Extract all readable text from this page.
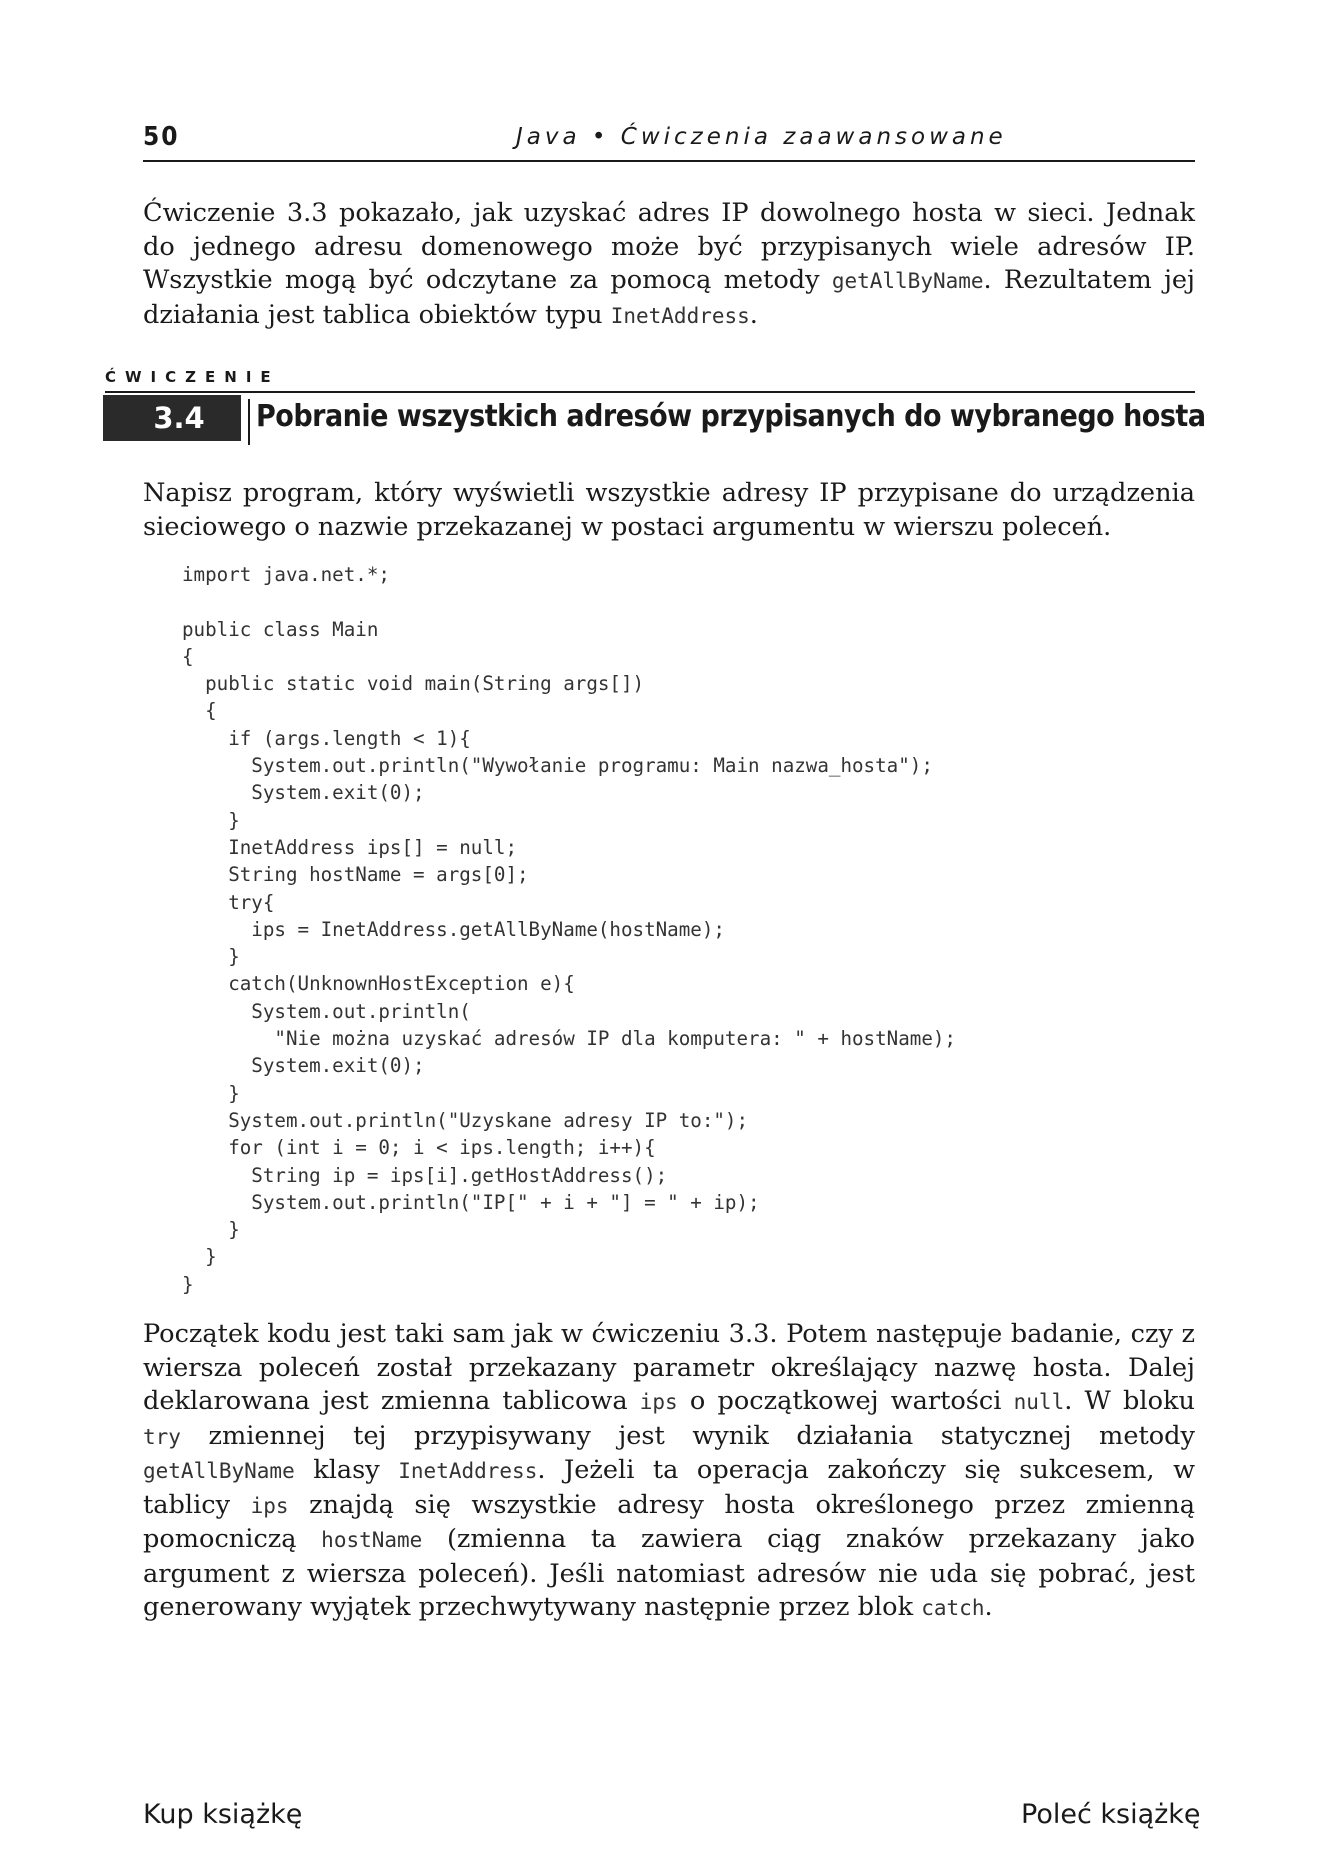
50	Java • Ćwiczenia zaawansowane

Ćwiczenie 3.3 pokazało, jak uzyskać adres IP dowolnego hosta w sieci. Jednak do jednego adresu domenowego może być przypisanych wiele adresów IP. Wszystkie mogą być odczytane za pomocą metody getAllByName. Rezultatem jej działania jest tablica obiektów typu InetAddress.

ĆWICZENIE
3.4 Pobranie wszystkich adresów przypisanych do wybranego hosta

Napisz program, który wyświetli wszystkie adresy IP przypisane do urządzenia sieciowego o nazwie przekazanej w postaci argumentu w wierszu poleceń.

import java.net.*;
public class Main
{
public static void main(String args[])
{
if (args.length < 1){
System.out.println("Wywołanie programu: Main nazwa_hosta");
System.exit(0);
}
InetAddress ips[] = null;
String hostName = args[0];
try{
ips = InetAddress.getAllByName(hostName);
}
catch(UnknownHostException e){
System.out.println(
"Nie można uzyskać adresów IP dla komputera: " + hostName);
System.exit(0);
}
System.out.println("Uzyskane adresy IP to:");
for (int i = 0; i < ips.length; i++){
String ip = ips[i].getHostAddress();
System.out.println("IP[" + i + "] = " + ip);
}
}
}

Początek kodu jest taki sam jak w ćwiczeniu 3.3. Potem następuje badanie, czy z wiersza poleceń został przekazany parametr określający nazwę hosta. Dalej deklarowana jest zmienna tablicowa ips o początkowej wartości null. W bloku try zmiennej tej przypisywany jest wynik działania statycznej metody getAllByName klasy InetAddress. Jeżeli ta operacja zakończy się sukcesem, w tablicy ips znajdą się wszystkie adresy hosta określonego przez zmienną pomocniczą hostName (zmienna ta zawiera ciąg znaków przekazany jako argument z wiersza poleceń). Jeśli natomiast adresów nie uda się pobrać, jest generowany wyjątek przechwytywany następnie przez blok catch.

Kup książkę	Poleć książkę
